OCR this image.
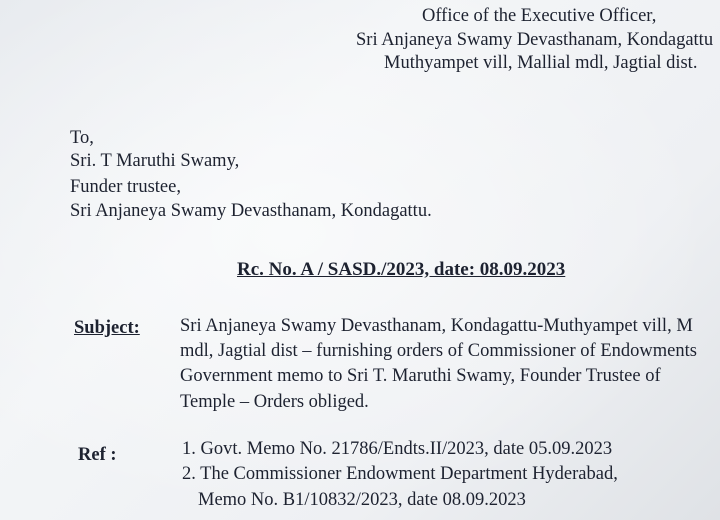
Office of the Executive Officer,
Sri Anjaneya Swamy Devasthanam, Kondagattu
Muthyampet vill, Mallial mdl, Jagtial dist.
To,
Sri. T Maruthi Swamy,
Funder trustee,
Sri Anjaneya Swamy Devasthanam, Kondagattu.
Rc. No. A / SASD./2023, date: 08.09.2023
Subject: Sri Anjaneya Swamy Devasthanam, Kondagattu-Muthyampet vill, M
mdl, Jagtial dist – furnishing orders of Commissioner of Endowments
Government memo to Sri T. Maruthi Swamy, Founder Trustee of
Temple – Orders obliged.
Ref :	1. Govt. Memo No. 21786/Endts.II/2023, date 05.09.2023
2. The Commissioner Endowment Department Hyderabad,
Memo No. B1/10832/2023, date 08.09.2023
